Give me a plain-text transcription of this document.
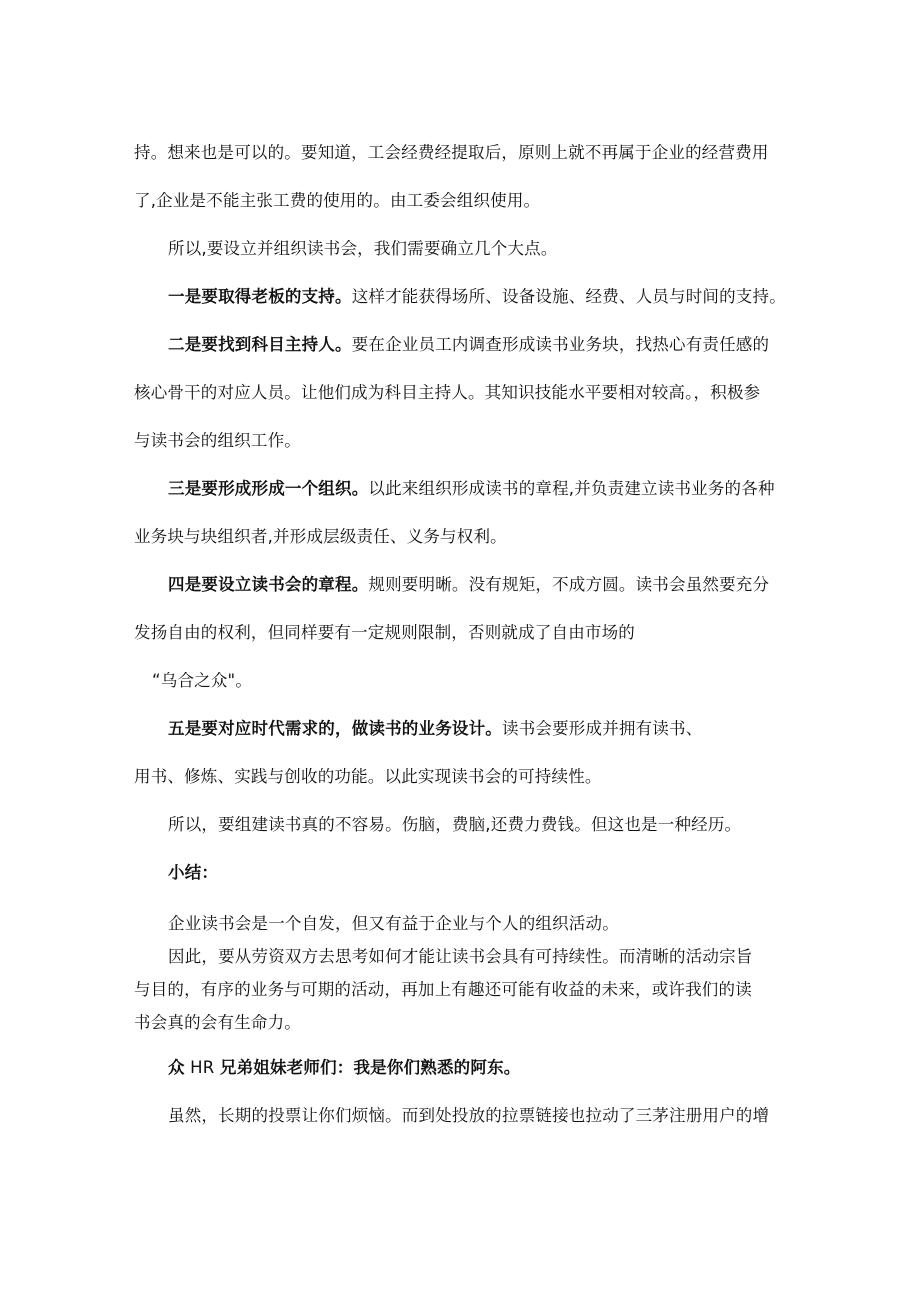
持。想来也是可以的。要知道，工会经费经提取后，原则上就不再属于企业的经营费用
了,企业是不能主张工费的使用的。由工委会组织使用。
所以,要设立并组织读书会，我们需要确立几个大点。
一是要取得老板的支持。这样才能获得场所、设备设施、经费、人员与时间的支持。
二是要找到科目主持人。要在企业员工内调查形成读书业务块，找热心有责任感的
核心骨干的对应人员。让他们成为科目主持人。其知识技能水平要相对较高。，积极参
与读书会的组织工作。
三是要形成形成一个组织。以此来组织形成读书的章程,并负责建立读书业务的各种
业务块与块组织者,并形成层级责任、义务与权利。
四是要设立读书会的章程。规则要明晰。没有规矩，不成方圆。读书会虽然要充分
发扬自由的权利，但同样要有一定规则限制，否则就成了自由市场的
“乌合之众"。
五是要对应时代需求的，做读书的业务设计。读书会要形成并拥有读书、
用书、修炼、实践与创收的功能。以此实现读书会的可持续性。
所以，要组建读书真的不容易。伤脑，费脑,还费力费钱。但这也是一种经历。
小结：
企业读书会是一个自发，但又有益于企业与个人的组织活动。
因此，要从劳资双方去思考如何才能让读书会具有可持续性。而清晰的活动宗旨
与目的，有序的业务与可期的活动，再加上有趣还可能有收益的未来，或许我们的读
书会真的会有生命力。
众 HR 兄弟姐妹老师们：我是你们熟悉的阿东。
虽然，长期的投票让你们烦恼。而到处投放的拉票链接也拉动了三茅注册用户的增
